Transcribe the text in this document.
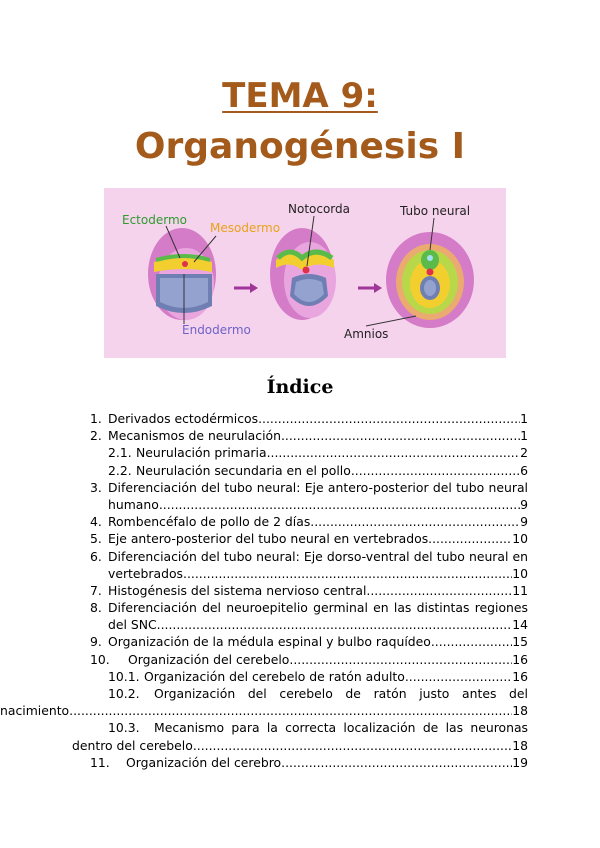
TEMA 9:
Organogénesis I
Ectodermo
Mesodermo
Endodermo
Notocorda	Tubo neural
Amnios
Índice
1. Derivados ectodérmicos .....	1
2. Mecanismos de neurulación .....	1
2.1. Neurulación primaria .....	2
2.2. Neurulación secundaria en el pollo .....	6
3. Diferenciación del tubo neural: Eje antero-posterior del tubo neural
humano .....	9
4. Rombencéfalo de pollo de 2 días .....	9
5. Eje antero-posterior del tubo neural en vertebrados .....	10
6. Diferenciación del tubo neural: Eje dorso-ventral del tubo neural en
vertebrados .....	10
7. Histogénesis del sistema nervioso central .....	11
8. Diferenciación del neuroepitelio germinal en las distintas regiones
del SNC .....	14
9. Organización de la médula espinal y bulbo raquídeo .....	15
10.	Organización del cerebelo .....	16
10.1. Organización del cerebelo de ratón adulto .....	16
10.2.	Organización del cerebelo de ratón justo antes del
nacimiento .....	18
10.3.	Mecanismo para la correcta localización de las neuronas
dentro del cerebelo .....	18
11.	Organización del cerebro .....	19
